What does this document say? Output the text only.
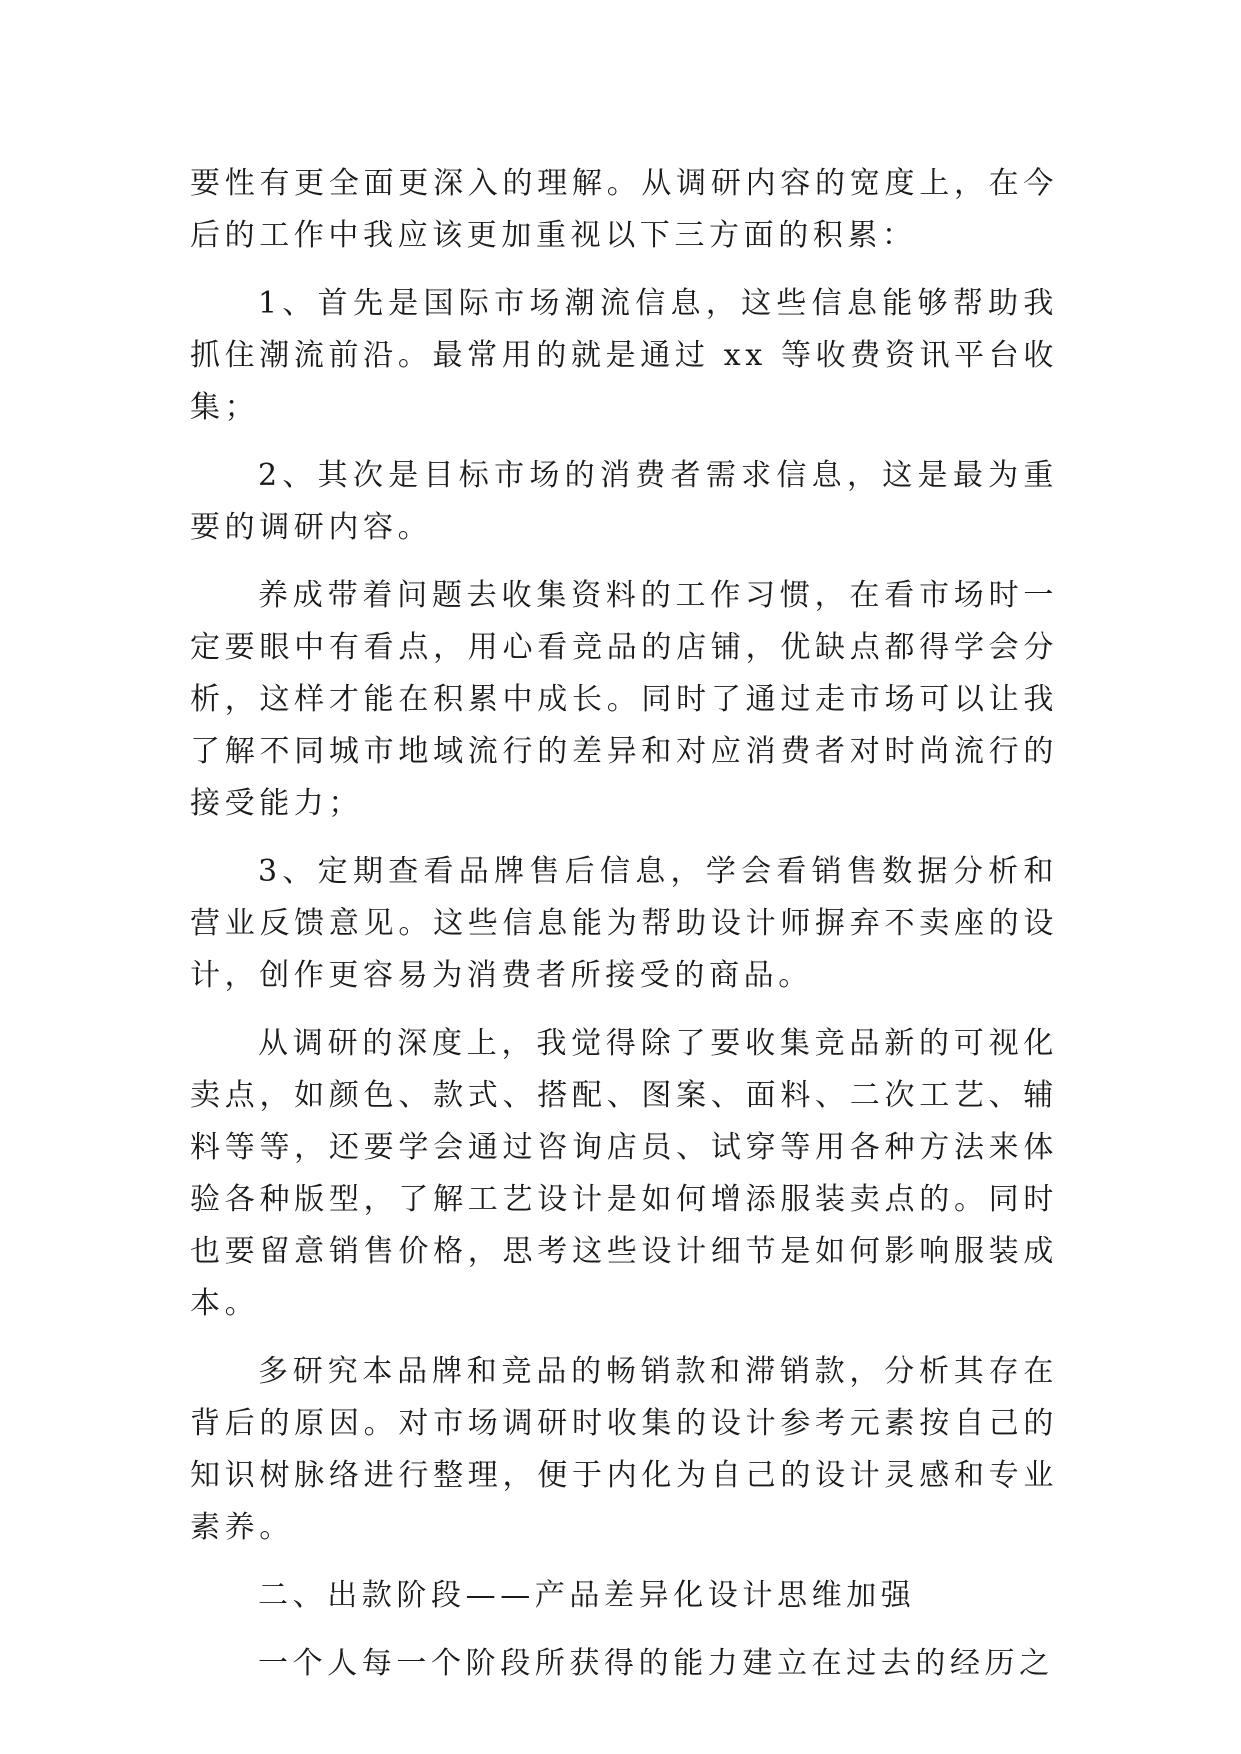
要性有更全面更深入的理解。从调研内容的宽度上，在今后的工作中我应该更加重视以下三方面的积累：

1、首先是国际市场潮流信息，这些信息能够帮助我抓住潮流前沿。最常用的就是通过 xx 等收费资讯平台收集；

2、其次是目标市场的消费者需求信息，这是最为重要的调研内容。

养成带着问题去收集资料的工作习惯，在看市场时一定要眼中有看点，用心看竞品的店铺，优缺点都得学会分析，这样才能在积累中成长。同时了通过走市场可以让我了解不同城市地域流行的差异和对应消费者对时尚流行的接受能力；

3、定期查看品牌售后信息，学会看销售数据分析和营业反馈意见。这些信息能为帮助设计师摒弃不卖座的设计，创作更容易为消费者所接受的商品。

从调研的深度上，我觉得除了要收集竞品新的可视化卖点，如颜色、款式、搭配、图案、面料、二次工艺、辅料等等，还要学会通过咨询店员、试穿等用各种方法来体验各种版型，了解工艺设计是如何增添服装卖点的。同时也要留意销售价格，思考这些设计细节是如何影响服装成本。

多研究本品牌和竞品的畅销款和滞销款，分析其存在背后的原因。对市场调研时收集的设计参考元素按自己的知识树脉络进行整理，便于内化为自己的设计灵感和专业素养。

二、出款阶段——产品差异化设计思维加强

一个人每一个阶段所获得的能力建立在过去的经历之
